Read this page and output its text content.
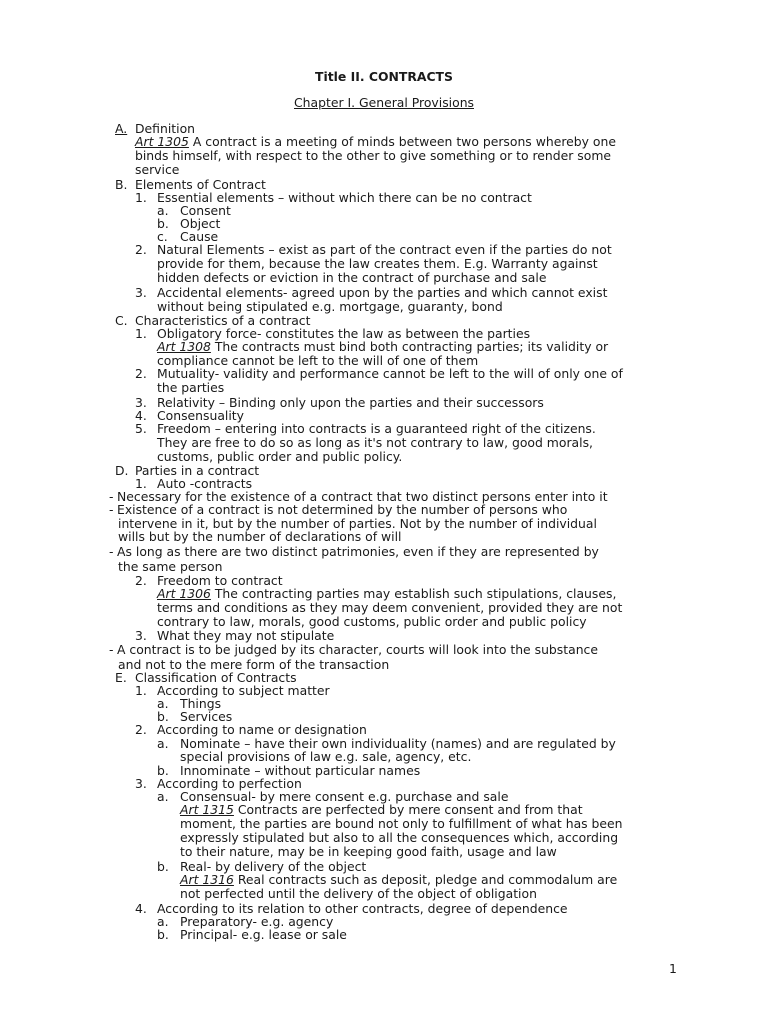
Title II. CONTRACTS
Chapter I. General Provisions
A. Definition
Art 1305 A contract is a meeting of minds between two persons whereby one
binds himself, with respect to the other to give something or to render some
service
B. Elements of Contract
1. Essential elements – without which there can be no contract
a. Consent
b. Object
c. Cause
2. Natural Elements – exist as part of the contract even if the parties do not
provide for them, because the law creates them. E.g. Warranty against
hidden defects or eviction in the contract of purchase and sale
3. Accidental elements- agreed upon by the parties and which cannot exist
without being stipulated e.g. mortgage, guaranty, bond
C. Characteristics of a contract
1. Obligatory force- constitutes the law as between the parties
Art 1308 The contracts must bind both contracting parties; its validity or
compliance cannot be left to the will of one of them
2. Mutuality- validity and performance cannot be left to the will of only one of
the parties
3. Relativity – Binding only upon the parties and their successors
4. Consensuality
5. Freedom – entering into contracts is a guaranteed right of the citizens.
They are free to do so as long as it's not contrary to law, good morals,
customs, public order and public policy.
D. Parties in a contract
1. Auto -contracts
- Necessary for the existence of a contract that two distinct persons enter into it
- Existence of a contract is not determined by the number of persons who
intervene in it, but by the number of parties. Not by the number of individual
wills but by the number of declarations of will
- As long as there are two distinct patrimonies, even if they are represented by
the same person
2. Freedom to contract
Art 1306 The contracting parties may establish such stipulations, clauses,
terms and conditions as they may deem convenient, provided they are not
contrary to law, morals, good customs, public order and public policy
3. What they may not stipulate
- A contract is to be judged by its character, courts will look into the substance
and not to the mere form of the transaction
E. Classification of Contracts
1. According to subject matter
a. Things
b. Services
2. According to name or designation
a. Nominate – have their own individuality (names) and are regulated by
special provisions of law e.g. sale, agency, etc.
b. Innominate – without particular names
3. According to perfection
a. Consensual- by mere consent e.g. purchase and sale
Art 1315 Contracts are perfected by mere consent and from that
moment, the parties are bound not only to fulfillment of what has been
expressly stipulated but also to all the consequences which, according
to their nature, may be in keeping good faith, usage and law
b. Real- by delivery of the object
Art 1316 Real contracts such as deposit, pledge and commodalum are
not perfected until the delivery of the object of obligation
4. According to its relation to other contracts, degree of dependence
a. Preparatory- e.g. agency
b. Principal- e.g. lease or sale
1
